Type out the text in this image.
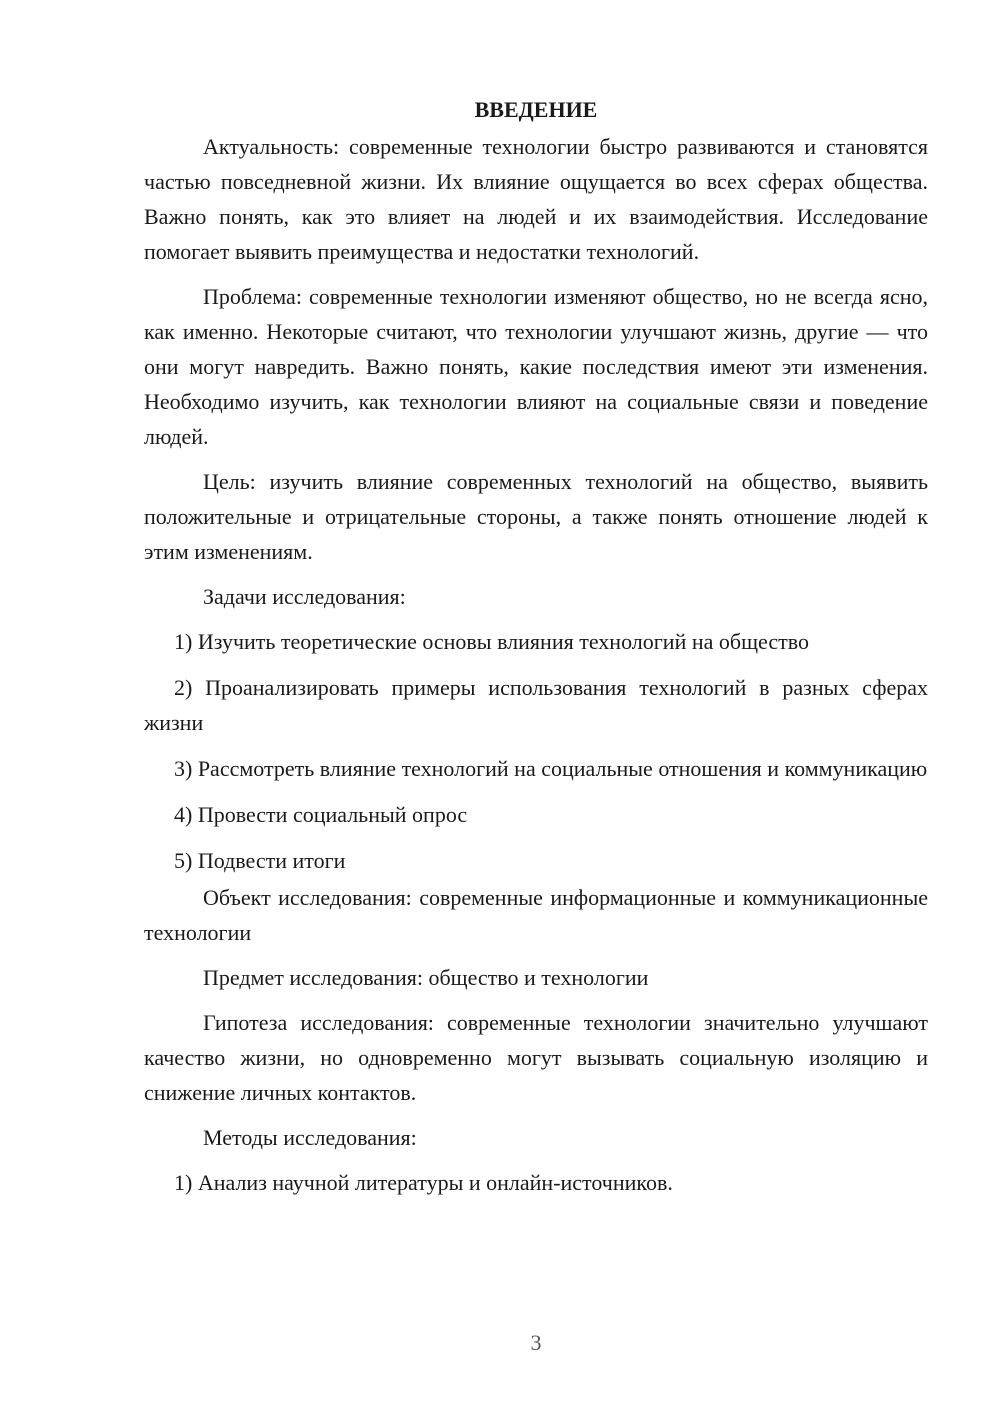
ВВЕДЕНИЕ

Актуальность: современные технологии быстро развиваются и становятся частью повседневной жизни. Их влияние ощущается во всех сферах общества. Важно понять, как это влияет на людей и их взаимодействия. Исследование помогает выявить преимущества и недостатки технологий.

Проблема: современные технологии изменяют общество, но не всегда ясно, как именно. Некоторые считают, что технологии улучшают жизнь, другие — что они могут навредить. Важно понять, какие последствия имеют эти изменения. Необходимо изучить, как технологии влияют на социальные связи и поведение людей.

Цель: изучить влияние современных технологий на общество, выявить положительные и отрицательные стороны, а также понять отношение людей к этим изменениям.

Задачи исследования:

1) Изучить теоретические основы влияния технологий на общество

2) Проанализировать примеры использования технологий в разных сферах жизни

3) Рассмотреть влияние технологий на социальные отношения и коммуникацию

4) Провести социальный опрос

5) Подвести итоги

Объект исследования: современные информационные и коммуникационные технологии

Предмет исследования: общество и технологии

Гипотеза исследования: современные технологии значительно улучшают качество жизни, но одновременно могут вызывать социальную изоляцию и снижение личных контактов.

Методы исследования:

1) Анализ научной литературы и онлайн-источников.

3
